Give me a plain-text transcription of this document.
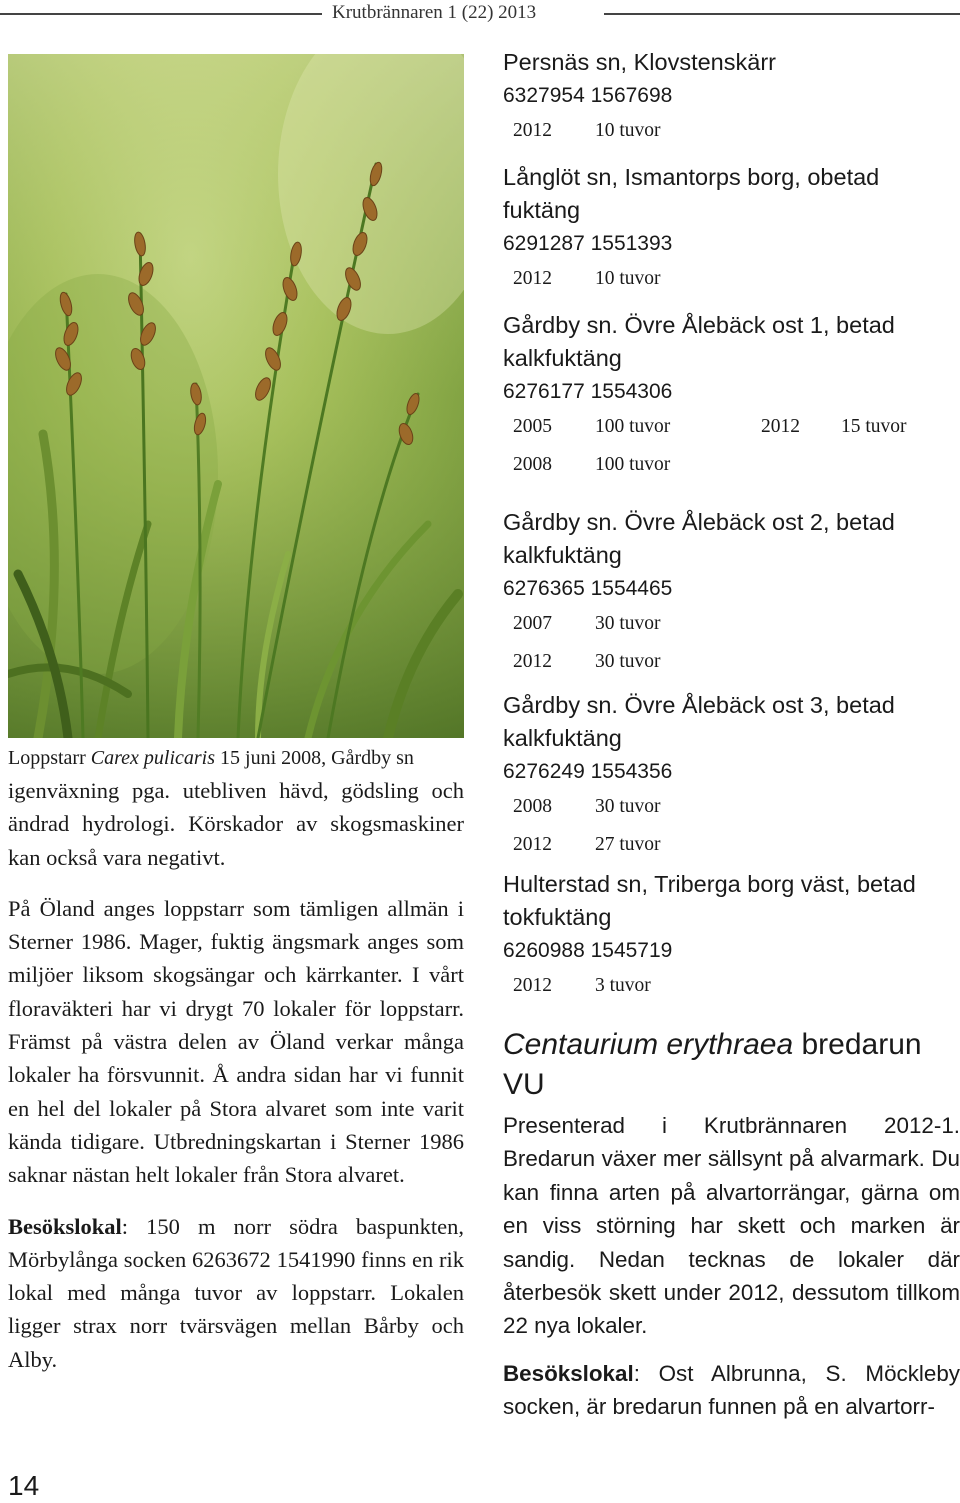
Krutbrännaren 1 (22) 2013

Loppstarr Carex pulicaris 15 juni 2008, Gårdby sn

igenväxning pga. utebliven hävd, gödsling och ändrad hydrologi. Körskador av skogsmaskiner kan också vara negativt.

På Öland anges loppstarr som tämligen allmän i Sterner 1986. Mager, fuktig ängsmark anges som miljöer liksom skogsängar och kärrkanter. I vårt floraväkteri har vi drygt 70 lokaler för loppstarr. Främst på västra delen av Öland verkar många lokaler ha försvunnit. Å andra sidan har vi funnit en hel del lokaler på Stora alvaret som inte varit kända tidigare. Utbredningskartan i Sterner 1986 saknar nästan helt lokaler från Stora alvaret.

Besökslokal: 150 m norr södra baspunkten, Mörbylånga socken 6263672 1541990 finns en rik lokal med många tuvor av loppstarr. Lokalen ligger strax norr tvärsvägen mellan Bårby och Alby.

14
Persnäs sn, Klovstenskärr
6327954 1567698
2012 10 tuvor
Långlöt sn, Ismantorps borg, obetad fuktäng
6291287 1551393
2012 10 tuvor
Gårdby sn. Övre Ålebäck ost 1, betad kalkfuktäng
6276177 1554306
2005 100 tuvor	2012 15 tuvor
2008 100 tuvor
Gårdby sn. Övre Ålebäck ost 2, betad kalkfuktäng
6276365 1554465
2007 30 tuvor
2012 30 tuvor
Gårdby sn. Övre Ålebäck ost 3, betad kalkfuktäng
6276249 1554356
2008 30 tuvor
2012 27 tuvor
Hulterstad sn, Triberga borg väst, betad tokfuktäng
6260988 1545719
2012 3 tuvor
Centaurium erythraea bredarun VU
Presenterad i Krutbrännaren 2012-1. Bredarun växer mer sällsynt på alvarmark. Du kan finna arten på alvartorrängar, gärna om en viss störning har skett och marken är sandig. Nedan tecknas de lokaler där återbesök skett under 2012, dessutom tillkom 22 nya lokaler.
Besökslokal: Ost Albrunna, S. Möckleby socken, är bredarun funnen på en alvartorr-
